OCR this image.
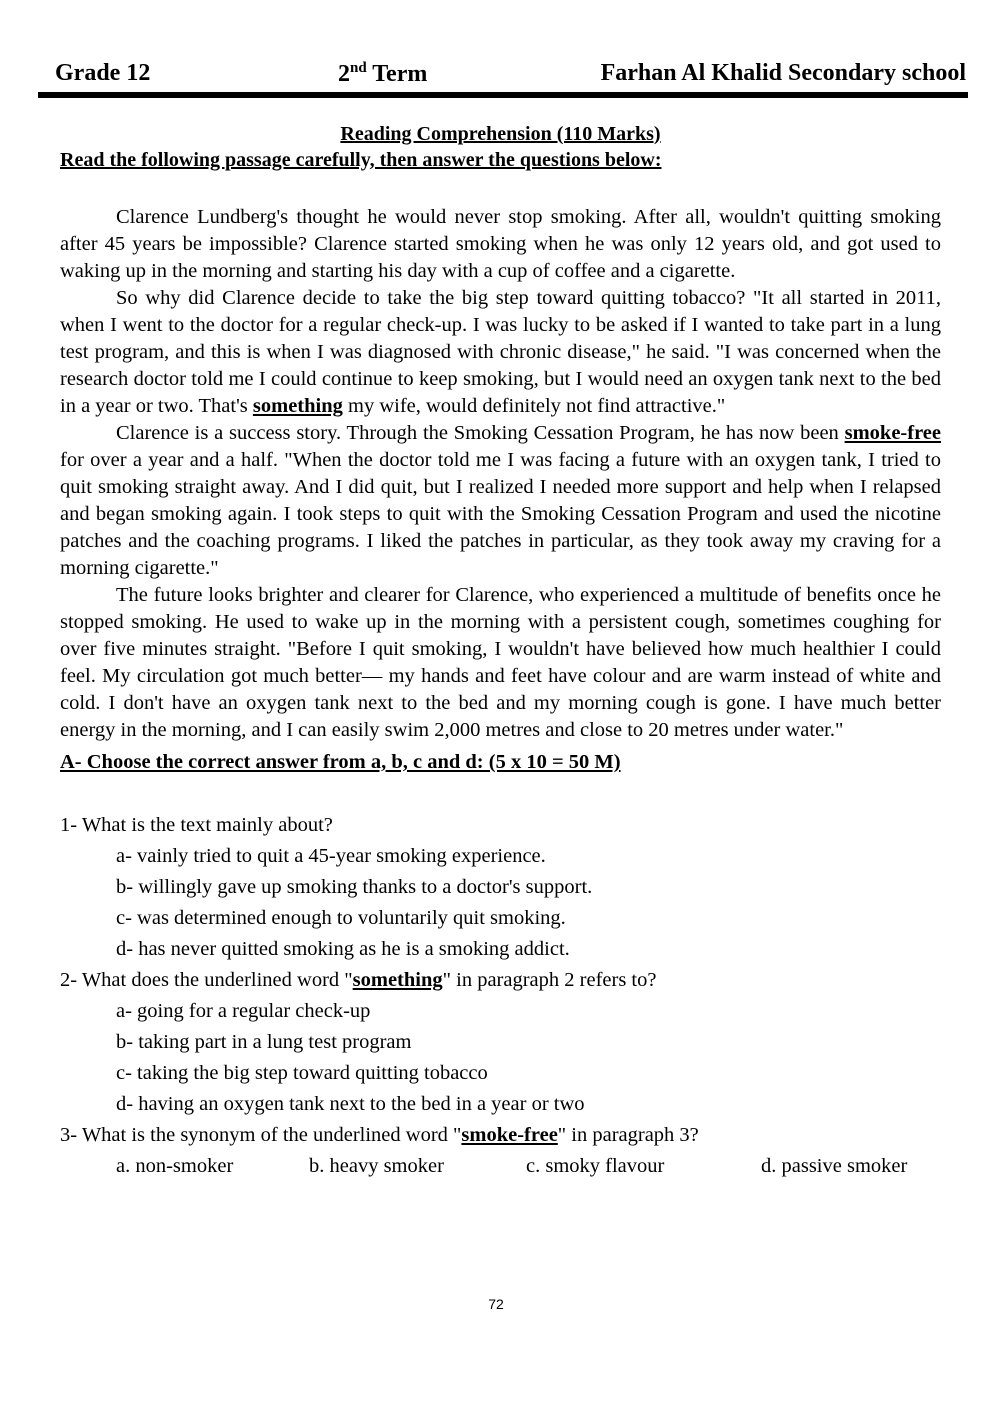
Grade 12	2nd Term	Farhan Al Khalid Secondary school
Reading Comprehension (110 Marks)
Read the following passage carefully, then answer the questions below:

Clarence Lundberg's thought he would never stop smoking. After all, wouldn't quitting smoking after 45 years be impossible? Clarence started smoking when he was only 12 years old, and got used to waking up in the morning and starting his day with a cup of coffee and a cigarette.

So why did Clarence decide to take the big step toward quitting tobacco? "It all started in 2011, when I went to the doctor for a regular check-up. I was lucky to be asked if I wanted to take part in a lung test program, and this is when I was diagnosed with chronic disease," he said. "I was concerned when the research doctor told me I could continue to keep smoking, but I would need an oxygen tank next to the bed in a year or two. That's something my wife, would definitely not find attractive."

Clarence is a success story. Through the Smoking Cessation Program, he has now been smoke-free for over a year and a half. "When the doctor told me I was facing a future with an oxygen tank, I tried to quit smoking straight away. And I did quit, but I realized I needed more support and help when I relapsed and began smoking again. I took steps to quit with the Smoking Cessation Program and used the nicotine patches and the coaching programs. I liked the patches in particular, as they took away my craving for a morning cigarette."

The future looks brighter and clearer for Clarence, who experienced a multitude of benefits once he stopped smoking. He used to wake up in the morning with a persistent cough, sometimes coughing for over five minutes straight. "Before I quit smoking, I wouldn't have believed how much healthier I could feel. My circulation got much better— my hands and feet have colour and are warm instead of white and cold. I don't have an oxygen tank next to the bed and my morning cough is gone. I have much better energy in the morning, and I can easily swim 2,000 metres and close to 20 metres under water."

A- Choose the correct answer from a, b, c and d: (5 x 10 = 50 M)

1- What is the text mainly about?

a- vainly tried to quit a 45-year smoking experience.

b- willingly gave up smoking thanks to a doctor's support.

c- was determined enough to voluntarily quit smoking.

d- has never quitted smoking as he is a smoking addict.

2- What does the underlined word "something" in paragraph 2 refers to?

a- going for a regular check-up

b- taking part in a lung test program

c- taking the big step toward quitting tobacco

d- having an oxygen tank next to the bed in a year or two

3- What is the synonym of the underlined word "smoke-free" in paragraph 3?

a. non-smoker	b. heavy smoker	c. smoky flavour	d. passive smoker
72
